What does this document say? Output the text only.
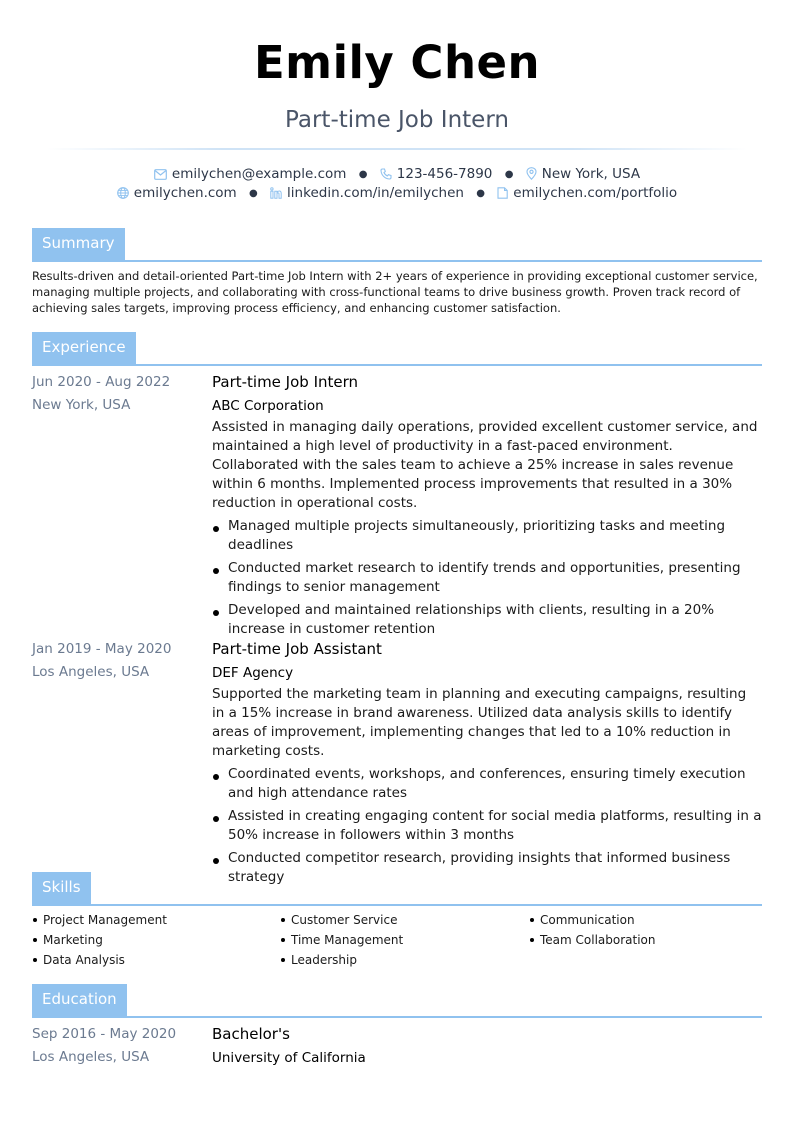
Emily Chen
Part-time Job Intern
emilychen@example.com ● 123-456-7890 ● New York, USA
emilychen.com ● linkedin.com/in/emilychen ● emilychen.com/portfolio
Summary
Results-driven and detail-oriented Part-time Job Intern with 2+ years of experience in providing exceptional customer service, managing multiple projects, and collaborating with cross-functional teams to drive business growth. Proven track record of achieving sales targets, improving process efficiency, and enhancing customer satisfaction.
Experience
Jun 2020 - Aug 2022
New York, USA
Part-time Job Intern
ABC Corporation

Assisted in managing daily operations, provided excellent customer service, and maintained a high level of productivity in a fast-paced environment. Collaborated with the sales team to achieve a 25% increase in sales revenue within 6 months. Implemented process improvements that resulted in a 30% reduction in operational costs.

Managed multiple projects simultaneously, prioritizing tasks and meeting deadlines
Conducted market research to identify trends and opportunities, presenting findings to senior management
Developed and maintained relationships with clients, resulting in a 20% increase in customer retention
Jan 2019 - May 2020
Los Angeles, USA
Part-time Job Assistant
DEF Agency

Supported the marketing team in planning and executing campaigns, resulting in a 15% increase in brand awareness. Utilized data analysis skills to identify areas of improvement, implementing changes that led to a 10% reduction in marketing costs.

Coordinated events, workshops, and conferences, ensuring timely execution and high attendance rates
Assisted in creating engaging content for social media platforms, resulting in a 50% increase in followers within 3 months
Conducted competitor research, providing insights that informed business strategy
Skills
Project Management
Marketing
Data Analysis
Customer Service
Time Management
Leadership
Communication
Team Collaboration
Education
Sep 2016 - May 2020
Los Angeles, USA
Bachelor's
University of California
